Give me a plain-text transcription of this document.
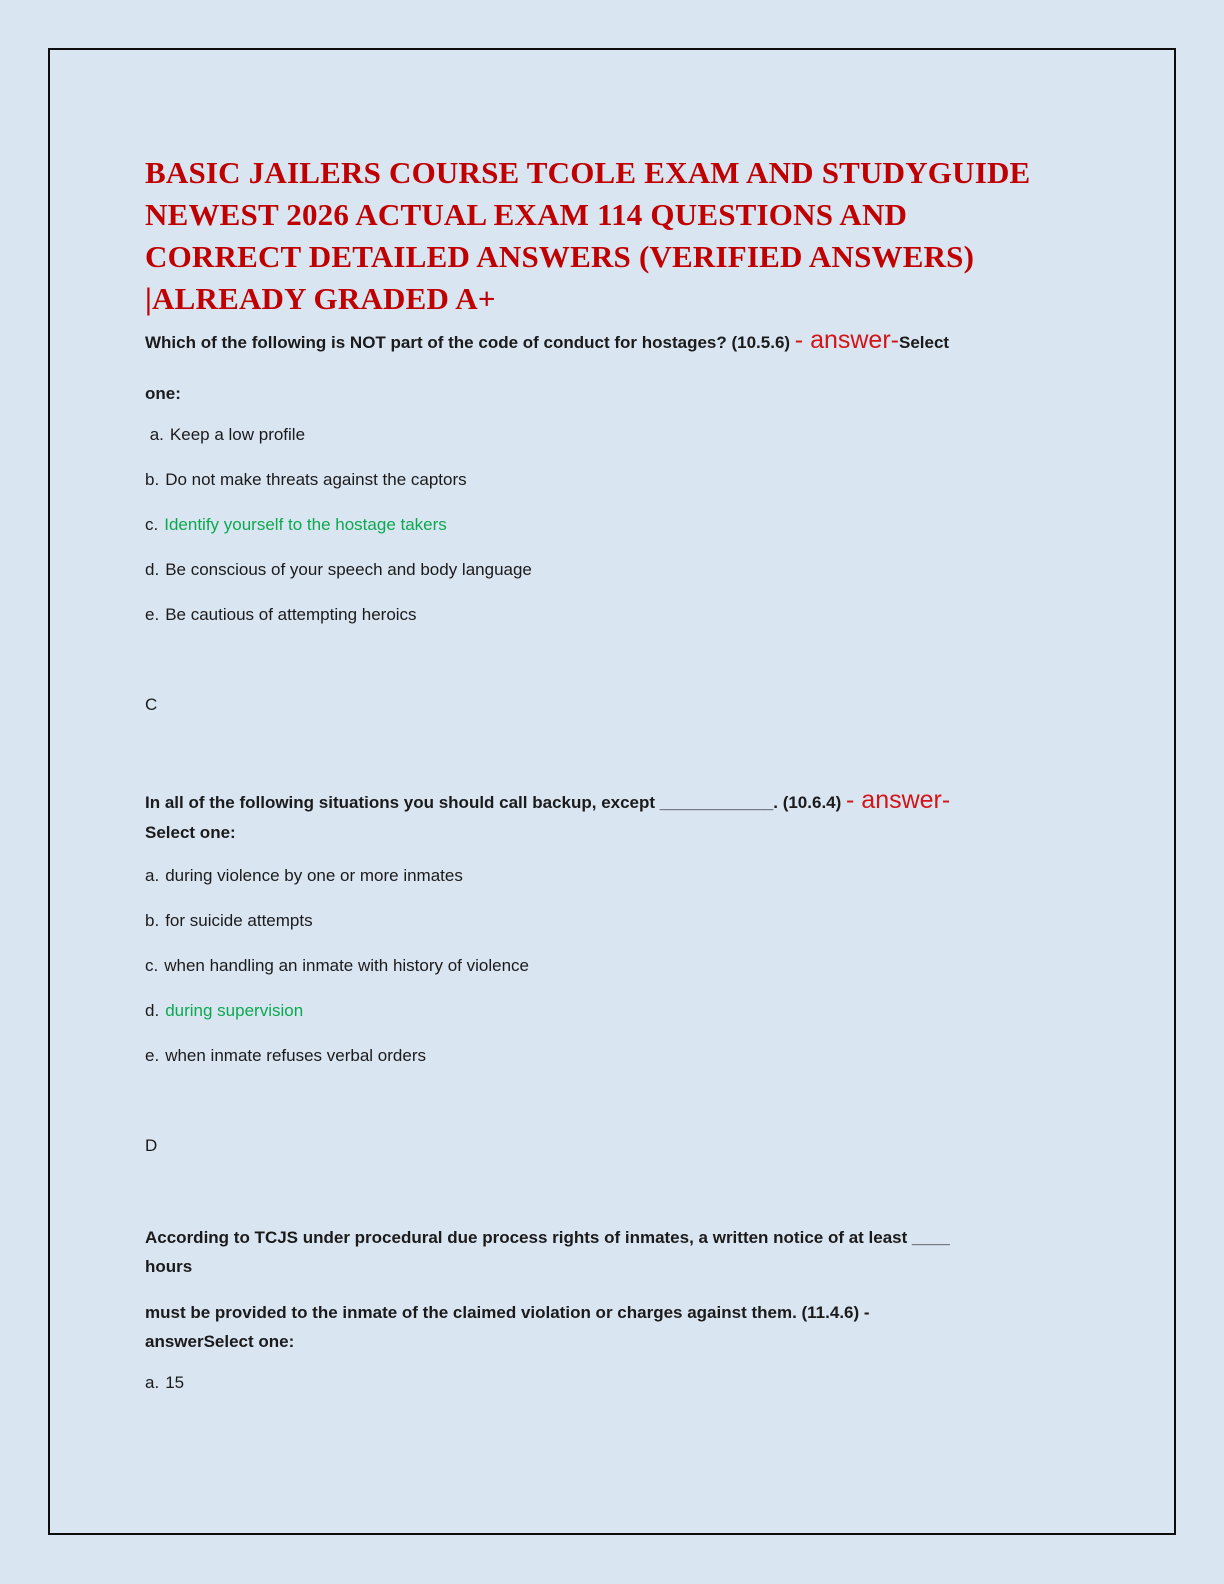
BASIC JAILERS COURSE TCOLE EXAM AND STUDYGUIDE
NEWEST 2026 ACTUAL EXAM 114 QUESTIONS AND
CORRECT DETAILED ANSWERS (VERIFIED ANSWERS)
|ALREADY GRADED A+

Which of the following is NOT part of the code of conduct for hostages? (10.5.6) - answer-Select

one:

a. Keep a low profile

b. Do not make threats against the captors

c. Identify yourself to the hostage takers

d. Be conscious of your speech and body language

e. Be cautious of attempting heroics

C

In all of the following situations you should call backup, except ____________. (10.6.4) - answer-

Select one:

a. during violence by one or more inmates

b. for suicide attempts

c. when handling an inmate with history of violence

d. during supervision

e. when inmate refuses verbal orders

D

According to TCJS under procedural due process rights of inmates, a written notice of at least ____

hours

must be provided to the inmate of the claimed violation or charges against them. (11.4.6) -

answerSelect one:

a. 15
